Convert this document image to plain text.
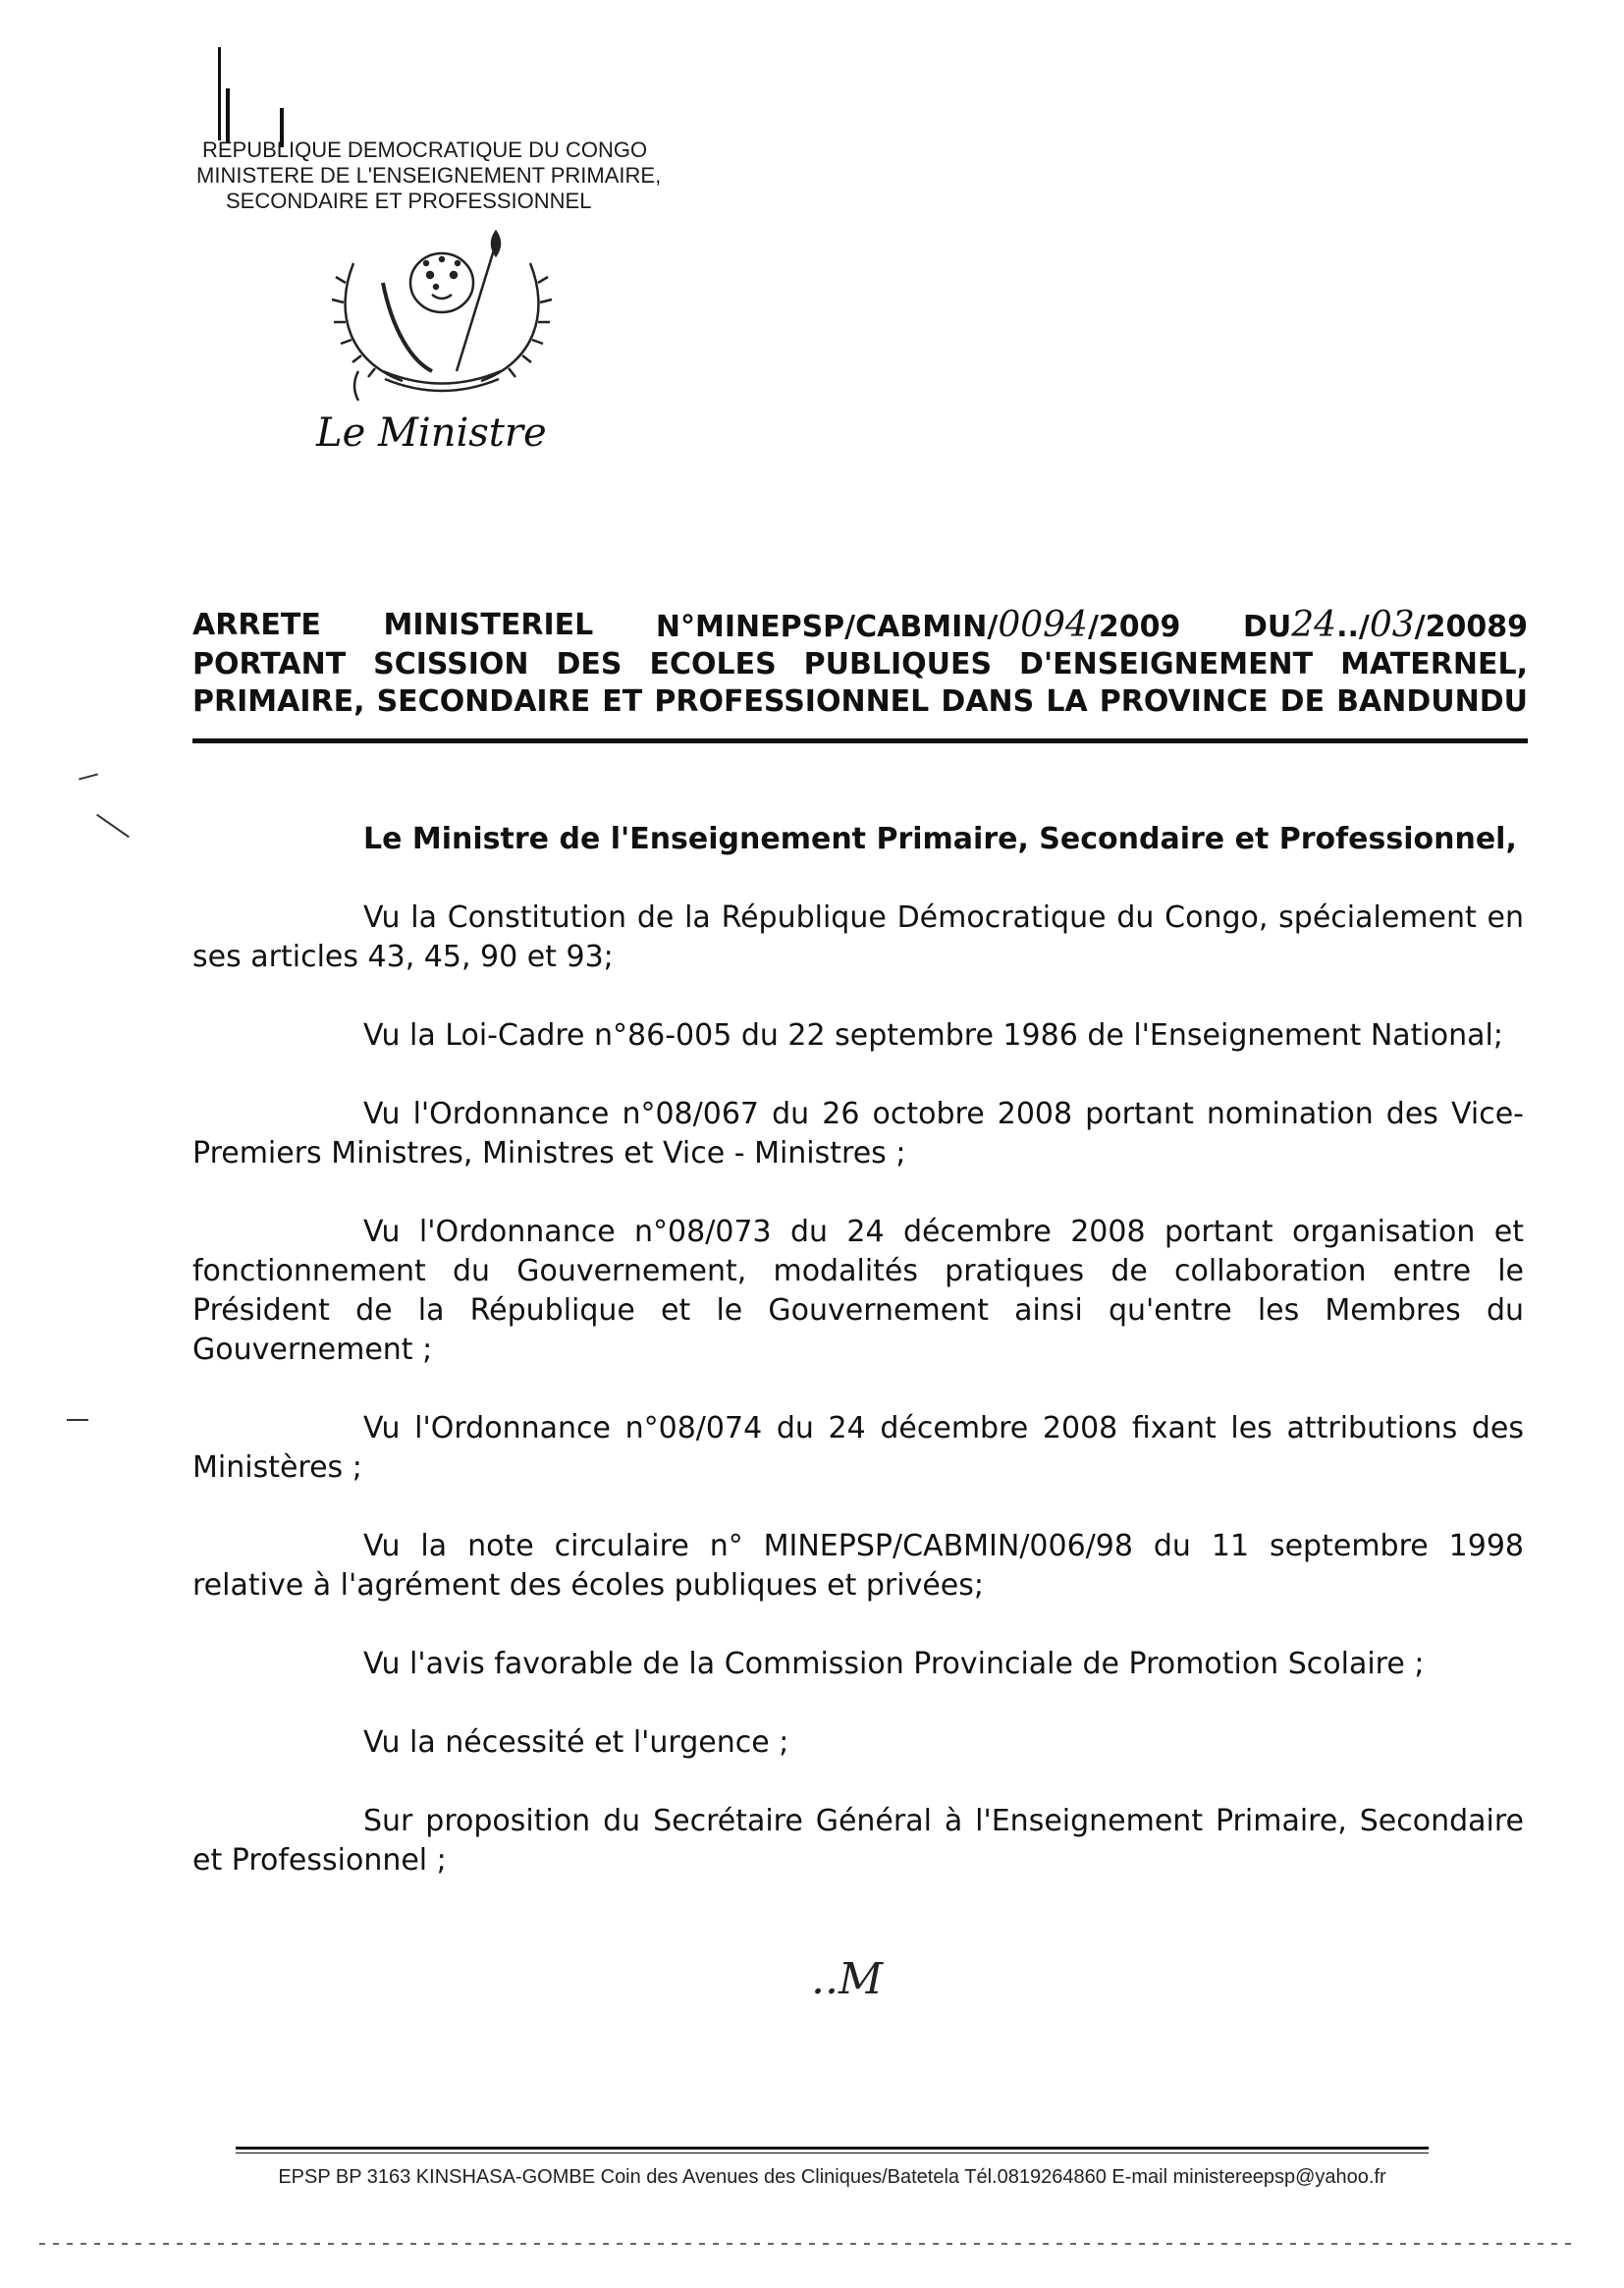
REPUBLIQUE DEMOCRATIQUE DU CONGO
MINISTERE DE L'ENSEIGNEMENT PRIMAIRE,
SECONDAIRE ET PROFESSIONNEL
Le Ministre
ARRETE MINISTERIEL N°MINEPSP/CABMIN/0094/2009 DU24../03/20089
PORTANT SCISSION DES ECOLES PUBLIQUES D'ENSEIGNEMENT MATERNEL,
PRIMAIRE, SECONDAIRE ET PROFESSIONNEL DANS LA PROVINCE DE BANDUNDU

Le Ministre de l'Enseignement Primaire, Secondaire et Professionnel,

Vu la Constitution de la République Démocratique du Congo, spécialement en ses articles 43, 45, 90 et 93;

Vu la Loi-Cadre n°86-005 du 22 septembre 1986 de l'Enseignement National;

Vu l'Ordonnance n°08/067 du 26 octobre 2008 portant nomination des Vice-Premiers Ministres, Ministres et Vice - Ministres ;

Vu l'Ordonnance n°08/073 du 24 décembre 2008 portant organisation et fonctionnement du Gouvernement, modalités pratiques de collaboration entre le Président de la République et le Gouvernement ainsi qu'entre les Membres du Gouvernement ;

Vu l'Ordonnance n°08/074 du 24 décembre 2008 fixant les attributions des Ministères ;

Vu la note circulaire n° MINEPSP/CABMIN/006/98 du 11 septembre 1998 relative à l'agrément des écoles publiques et privées;

Vu l'avis favorable de la Commission Provinciale de Promotion Scolaire ;

Vu la nécessité et l'urgence ;

Sur proposition du Secrétaire Général à l'Enseignement Primaire, Secondaire et Professionnel ;

..M
EPSP BP 3163 KINSHASA-GOMBE Coin des Avenues des Cliniques/Batetela Tél.0819264860 E-mail ministereepsp@yahoo.fr
